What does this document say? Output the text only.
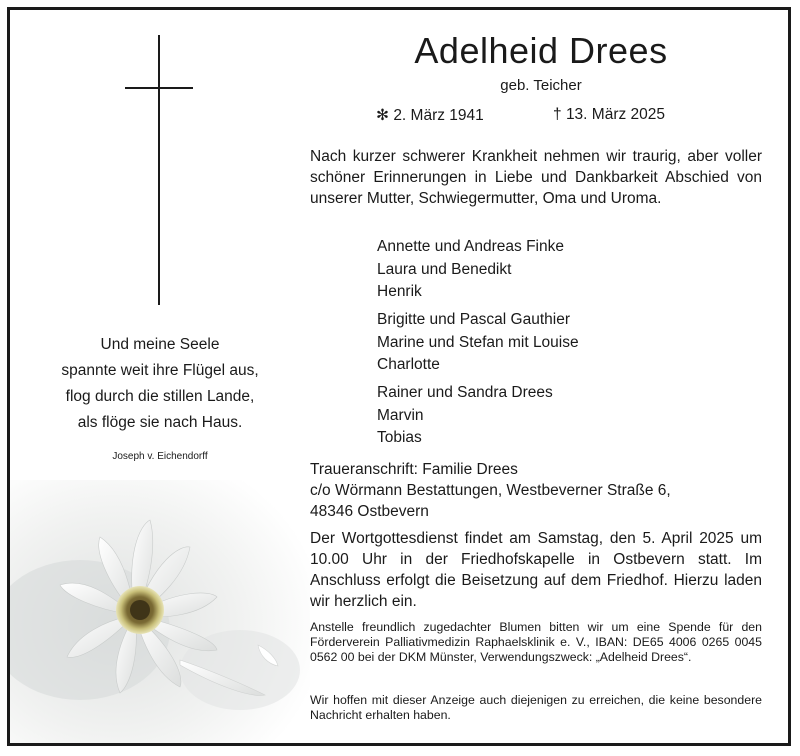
Und meine Seele
spannte weit ihre Flügel aus,
flog durch die stillen Lande,
als flöge sie nach Haus.
Joseph v. Eichendorff
Adelheid Drees
geb. Teicher
✻ 2. März 1941	† 13. März 2025
Nach kurzer schwerer Krankheit nehmen wir traurig, aber voller schöner Erinnerungen in Liebe und Dankbarkeit Abschied von unserer Mutter, Schwiegermutter, Oma und Uroma.
Annette und Andreas Finke
Laura und Benedikt
Henrik
Brigitte und Pascal Gauthier
Marine und Stefan mit Louise
Charlotte
Rainer und Sandra Drees
Marvin
Tobias
Traueranschrift: Familie Drees
c/o Wörmann Bestattungen, Westbeverner Straße 6,
48346 Ostbevern
Der Wortgottesdienst findet am Samstag, den 5. April 2025 um 10.00 Uhr in der Friedhofskapelle in Ostbevern statt. Im Anschluss erfolgt die Beisetzung auf dem Friedhof. Hierzu laden wir herzlich ein.
Anstelle freundlich zugedachter Blumen bitten wir um eine Spende für den Förderverein Palliativmedizin Raphaelsklinik e. V., IBAN: DE65 4006 0265 0045 0562 00 bei der DKM Münster, Verwendungszweck: „Adelheid Drees“.
Wir hoffen mit dieser Anzeige auch diejenigen zu erreichen, die keine besondere Nachricht erhalten haben.
